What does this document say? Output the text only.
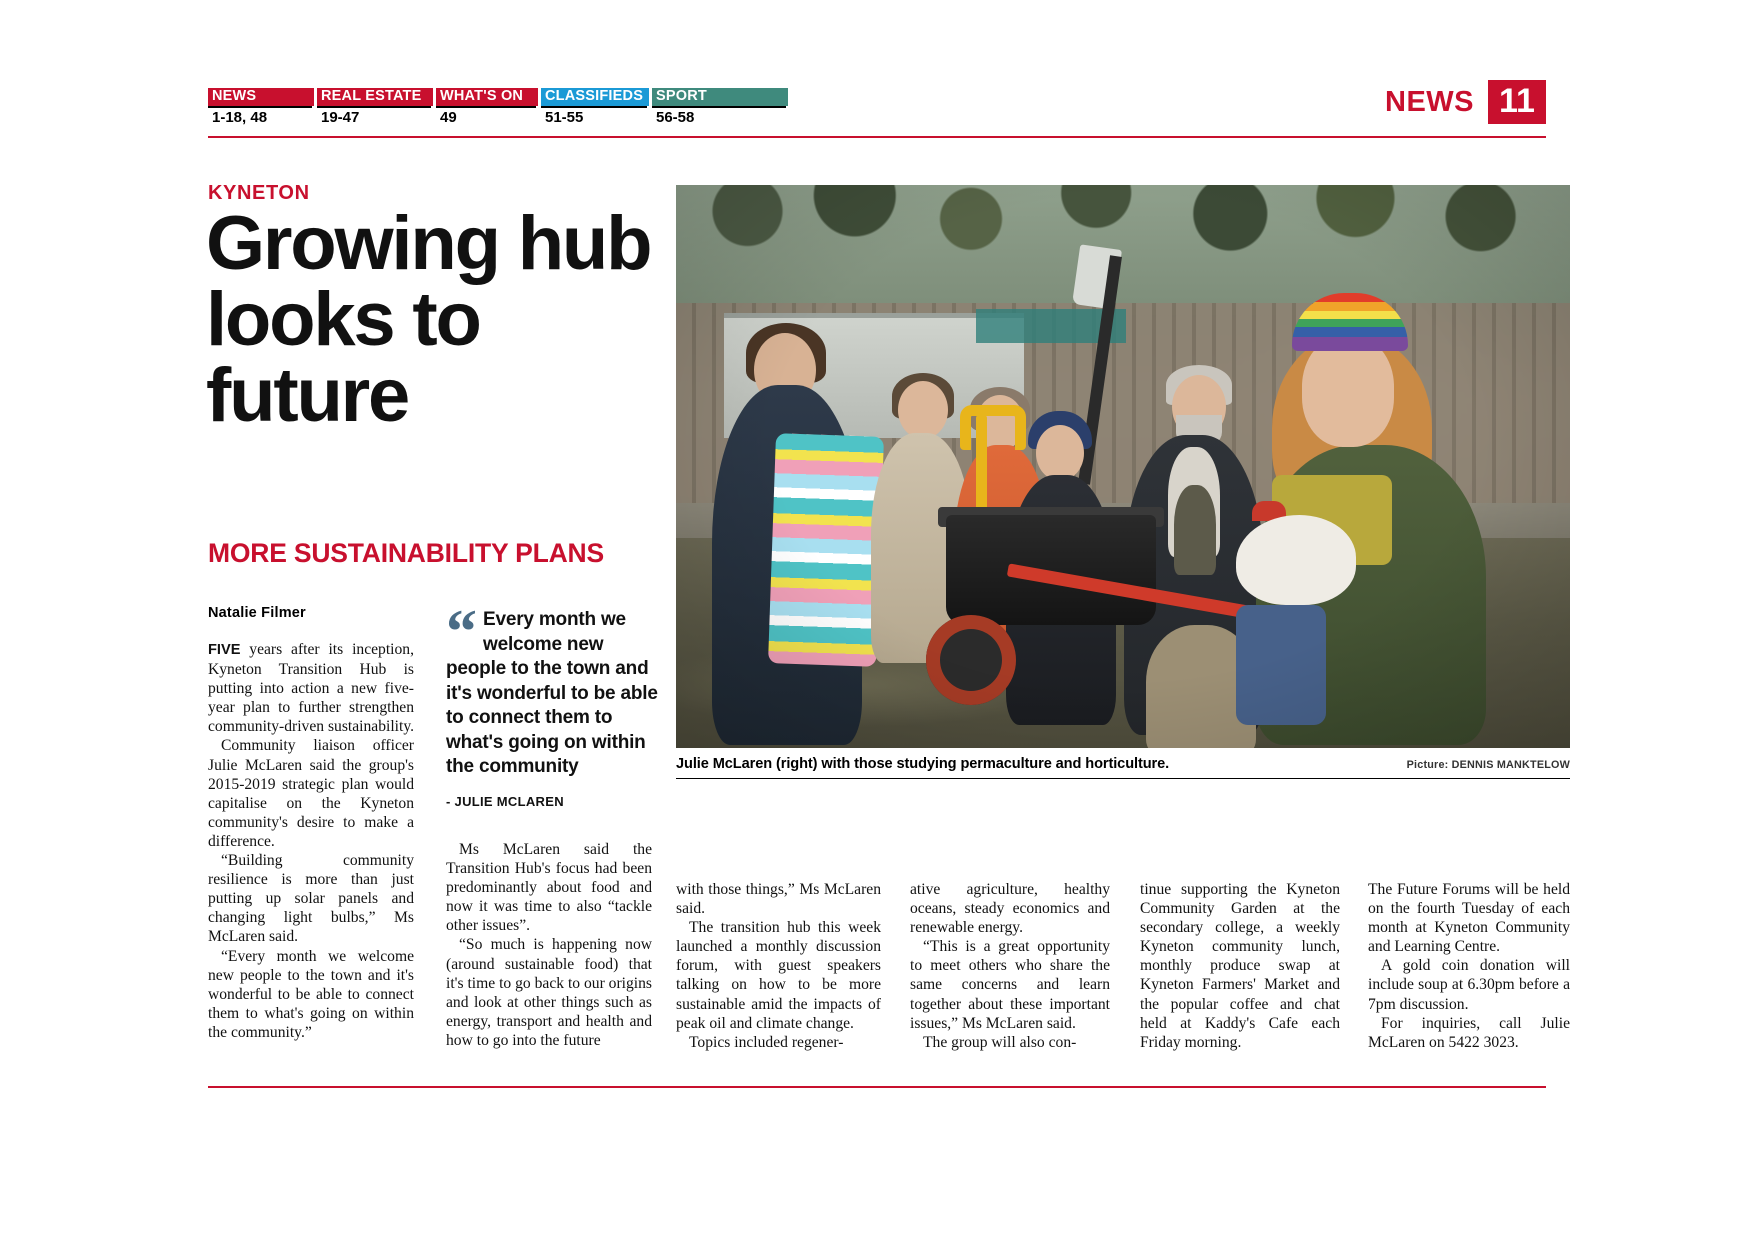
NEWS
1-18, 48
REAL ESTATE
19-47
WHAT'S ON
49
CLASSIFIEDS
51-55
SPORT
56-58	NEWS 11
KYNETON
Growing hub looks to future
MORE SUSTAINABILITY PLANS
Natalie Filmer “ Every month we welcome new people to the town and it's wonderful to be able to connect them to what's going on within the community
- JULIE MCLAREN
Julie McLaren (right) with those studying permaculture and horticulture.	Picture: DENNIS MANKTELOW

FIVE years after its inception, Kyneton Transition Hub is putting into action a new five-year plan to further strengthen community-driven sustainability.

Community liaison officer Julie McLaren said the group's 2015-2019 strategic plan would capitalise on the Kyneton community's desire to make a difference.

“Building community resilience is more than just putting up solar panels and changing light bulbs,” Ms McLaren said.

“Every month we welcome new people to the town and it's wonderful to be able to connect them to what's going on within the community.”

Ms McLaren said the Transition Hub's focus had been predominantly about food and now it was time to also “tackle other issues”.

“So much is happening now (around sustainable food) that it's time to go back to our origins and look at other things such as energy, transport and health and how to go into the future

with those things,” Ms McLaren said.

The transition hub this week launched a monthly discussion forum, with guest speakers talking on how to be more sustainable amid the impacts of peak oil and climate change.

Topics included regener-

ative agriculture, healthy oceans, steady economics and renewable energy.

“This is a great opportunity to meet others who share the same concerns and learn together about these important issues,” Ms McLaren said.

The group will also con-

tinue supporting the Kyneton Community Garden at the secondary college, a weekly Kyneton community lunch, monthly produce swap at Kyneton Farmers' Market and the popular coffee and chat held at Kaddy's Cafe each Friday morning.

The Future Forums will be held on the fourth Tuesday of each month at Kyneton Community and Learning Centre.

A gold coin donation will include soup at 6.30pm before a 7pm discussion.

For inquiries, call Julie McLaren on 5422 3023.
